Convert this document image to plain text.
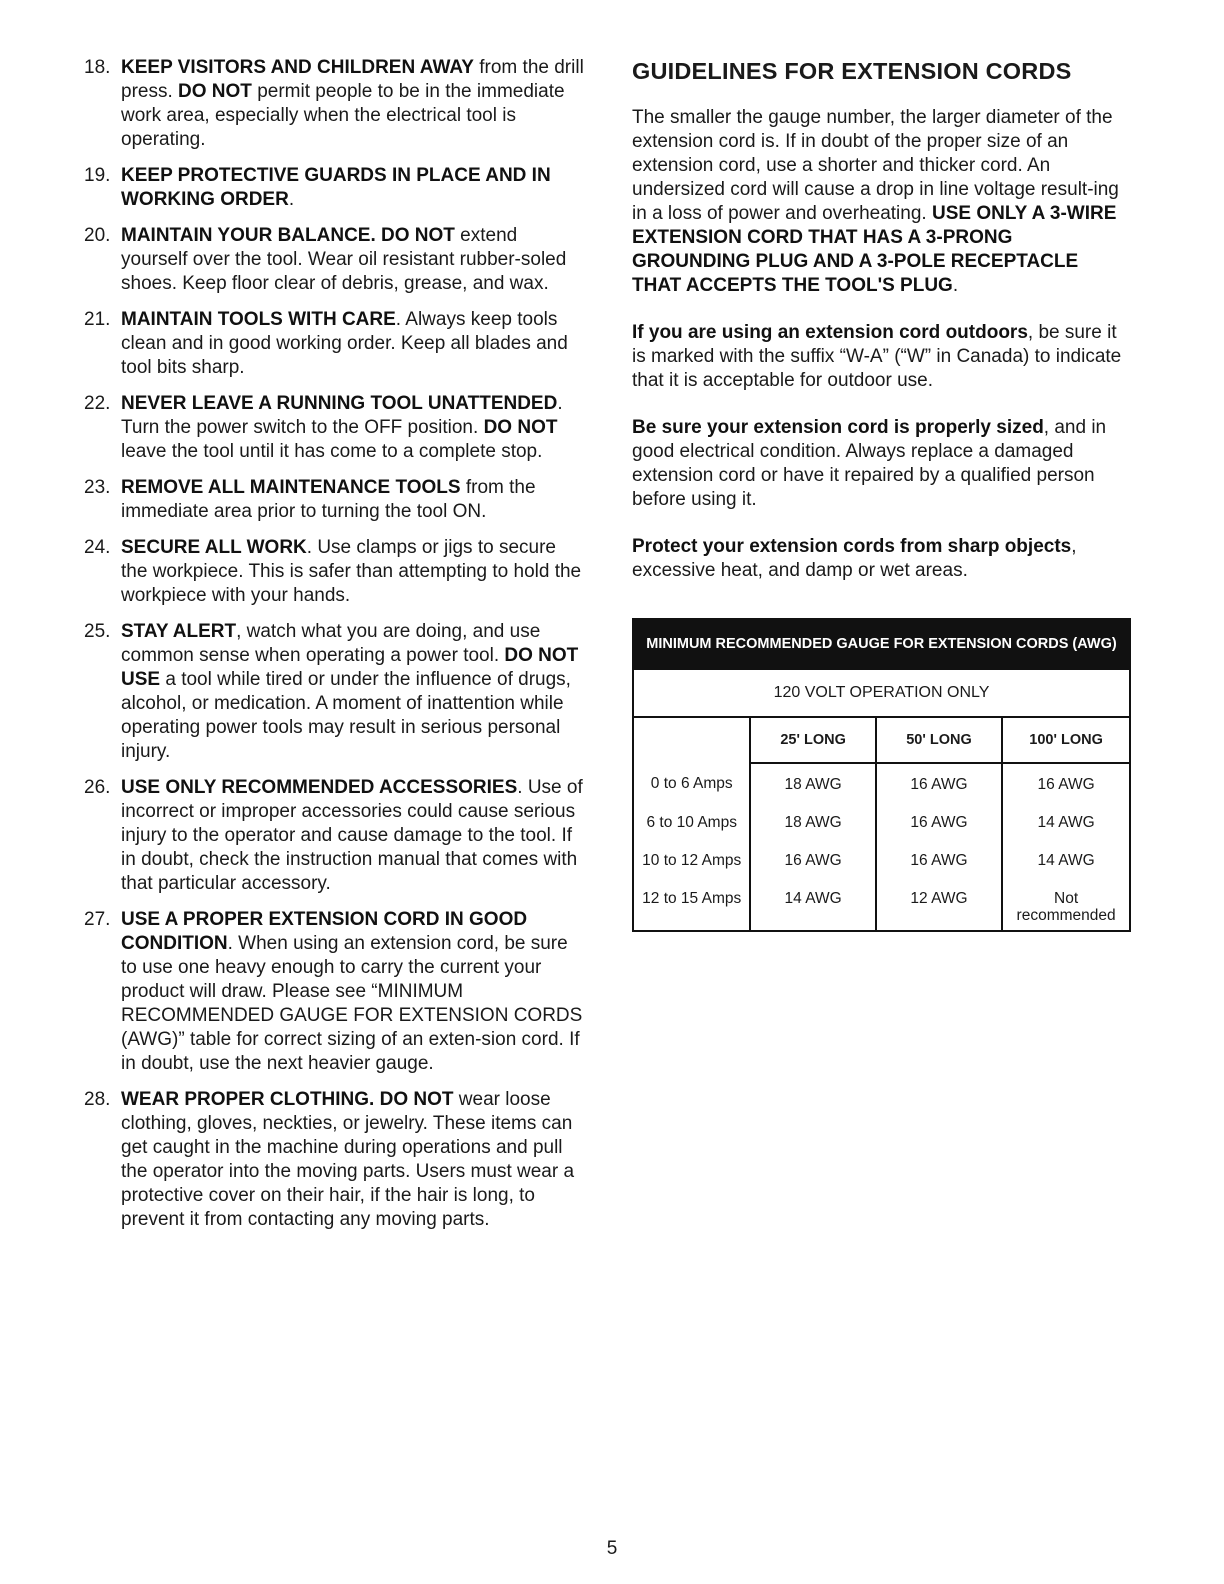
18. KEEP VISITORS AND CHILDREN AWAY from the drill press. DO NOT permit people to be in the immediate work area, especially when the electrical tool is operating.
19. KEEP PROTECTIVE GUARDS IN PLACE AND IN WORKING ORDER.
20. MAINTAIN YOUR BALANCE. DO NOT extend yourself over the tool. Wear oil resistant rubber-soled shoes. Keep floor clear of debris, grease, and wax.
21. MAINTAIN TOOLS WITH CARE. Always keep tools clean and in good working order. Keep all blades and tool bits sharp.
22. NEVER LEAVE A RUNNING TOOL UNATTENDED. Turn the power switch to the OFF position. DO NOT leave the tool until it has come to a complete stop.
23. REMOVE ALL MAINTENANCE TOOLS from the immediate area prior to turning the tool ON.
24. SECURE ALL WORK. Use clamps or jigs to secure the workpiece. This is safer than attempting to hold the workpiece with your hands.
25. STAY ALERT, watch what you are doing, and use common sense when operating a power tool. DO NOT USE a tool while tired or under the influence of drugs, alcohol, or medication. A moment of inattention while operating power tools may result in serious personal injury.
26. USE ONLY RECOMMENDED ACCESSORIES. Use of incorrect or improper accessories could cause serious injury to the operator and cause damage to the tool. If in doubt, check the instruction manual that comes with that particular accessory.
27. USE A PROPER EXTENSION CORD IN GOOD CONDITION. When using an extension cord, be sure to use one heavy enough to carry the current your product will draw. Please see “MINIMUM RECOMMENDED GAUGE FOR EXTENSION CORDS (AWG)” table for correct sizing of an exten-sion cord. If in doubt, use the next heavier gauge.
28. WEAR PROPER CLOTHING. DO NOT wear loose clothing, gloves, neckties, or jewelry. These items can get caught in the machine during operations and pull the operator into the moving parts. Users must wear a protective cover on their hair, if the hair is long, to prevent it from contacting any moving parts.
GUIDELINES FOR EXTENSION CORDS

The smaller the gauge number, the larger diameter of the extension cord is. If in doubt of the proper size of an extension cord, use a shorter and thicker cord. An undersized cord will cause a drop in line voltage result-ing in a loss of power and overheating. USE ONLY A 3-WIRE EXTENSION CORD THAT HAS A 3-PRONG GROUNDING PLUG AND A 3-POLE RECEPTACLE THAT ACCEPTS THE TOOL'S PLUG.

If you are using an extension cord outdoors, be sure it is marked with the suffix “W-A” (“W” in Canada) to indicate that it is acceptable for outdoor use.

Be sure your extension cord is properly sized, and in good electrical condition. Always replace a damaged extension cord or have it repaired by a qualified person before using it.

Protect your extension cords from sharp objects, excessive heat, and damp or wet areas.

MINIMUM RECOMMENDED GAUGE FOR EXTENSION CORDS (AWG)			
120 VOLT OPERATION ONLY			
	25' LONG	50' LONG	100' LONG
0 to 6 Amps	18 AWG	16 AWG	16 AWG
6 to 10 Amps	18 AWG	16 AWG	14 AWG
10 to 12 Amps	16 AWG	16 AWG	14 AWG
12 to 15 Amps	14 AWG	12 AWG	Not recommended
5
